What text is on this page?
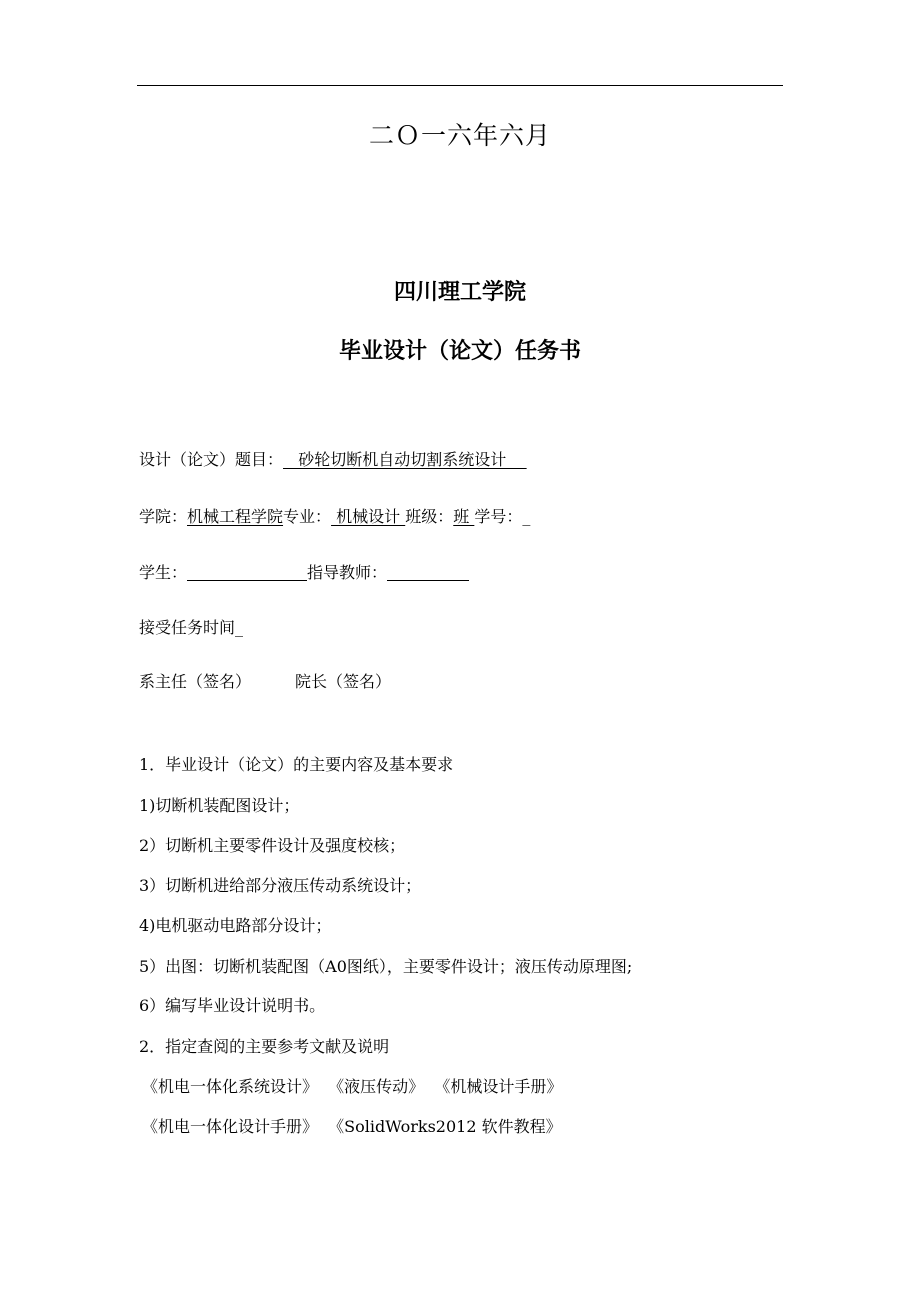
二Ｏ一六年六月
四川理工学院
毕业设计（论文）任务书
设计（论文）题目：   砂轮切断机自动切割系统设计
学院：机械工程学院专业： 机械设计 班级：班 学号：_
学生：	指导教师：
接受任务时间_
系主任（签名）	院长（签名）
1．毕业设计（论文）的主要内容及基本要求
1)切断机装配图设计；
2）切断机主要零件设计及强度校核；
3）切断机进给部分液压传动系统设计；
4)电机驱动电路部分设计；
5）出图：切断机装配图（A0图纸），主要零件设计；液压传动原理图;
6）编写毕业设计说明书。
2．指定查阅的主要参考文献及说明
《机电一体化系统设计》  《液压传动》  《机械设计手册》
《机电一体化设计手册》  《SolidWorks2012 软件教程》
